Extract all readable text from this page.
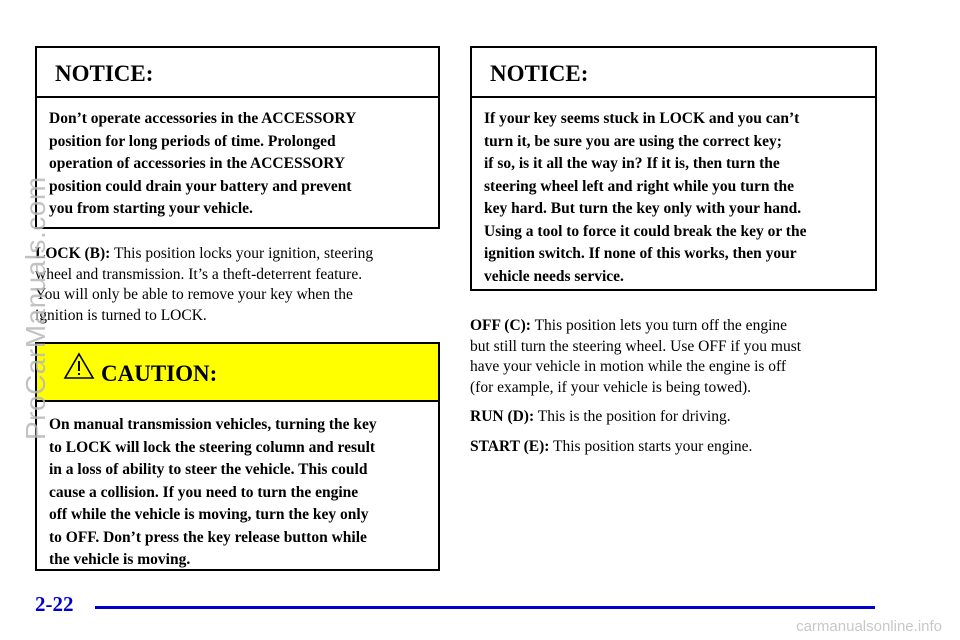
NOTICE:
Don’t operate accessories in the ACCESSORY
position for long periods of time. Prolonged
operation of accessories in the ACCESSORY
position could drain your battery and prevent
you from starting your vehicle.

LOCK (B): This position locks your ignition, steering
wheel and transmission. It’s a theft-deterrent feature.
You will only be able to remove your key when the
ignition is turned to LOCK.

CAUTION:
On manual transmission vehicles, turning the key
to LOCK will lock the steering column and result
in a loss of ability to steer the vehicle. This could
cause a collision. If you need to turn the engine
off while the vehicle is moving, turn the key only
to OFF. Don’t press the key release button while
the vehicle is moving.
NOTICE:
If your key seems stuck in LOCK and you can’t
turn it, be sure you are using the correct key;
if so, is it all the way in? If it is, then turn the
steering wheel left and right while you turn the
key hard. But turn the key only with your hand.
Using a tool to force it could break the key or the
ignition switch. If none of this works, then your
vehicle needs service.

OFF (C): This position lets you turn off the engine
but still turn the steering wheel. Use OFF if you must
have your vehicle in motion while the engine is off
(for example, if your vehicle is being towed).

RUN (D): This is the position for driving.

START (E): This position starts your engine.

2-22
ProCarManuals.com
carmanualsonline.info
